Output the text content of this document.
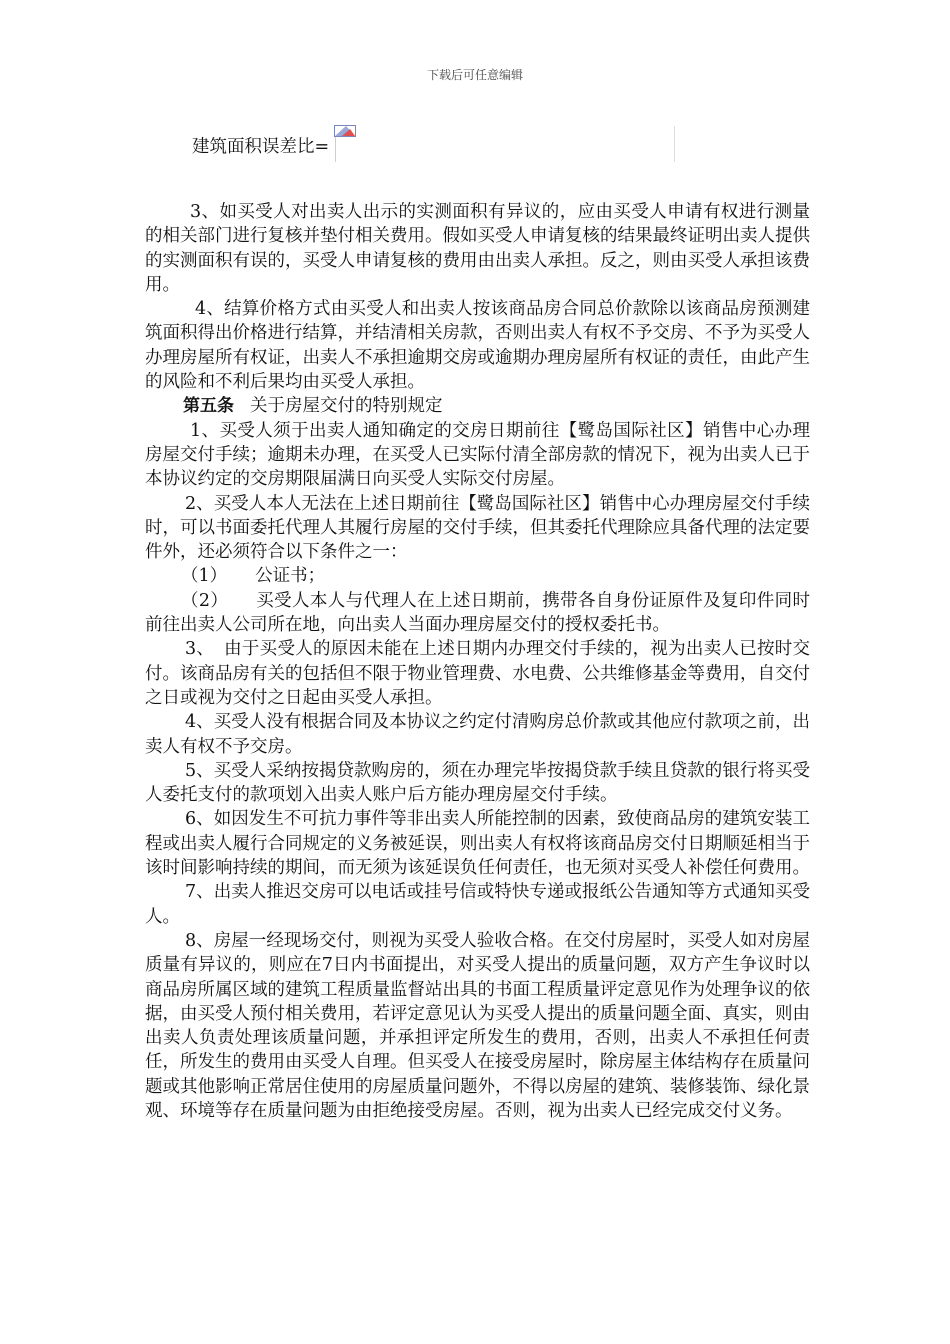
下载后可任意编辑
建筑面积误差比=

3、如买受人对出卖人出示的实测面积有异议的，应由买受人申请有权进行测量的相关部门进行复核并垫付相关费用。假如买受人申请复核的结果最终证明出卖人提供的实测面积有误的，买受人申请复核的费用由出卖人承担。反之，则由买受人承担该费用。

4、结算价格方式由买受人和出卖人按该商品房合同总价款除以该商品房预测建筑面积得出价格进行结算，并结清相关房款，否则出卖人有权不予交房、不予为买受人办理房屋所有权证，出卖人不承担逾期交房或逾期办理房屋所有权证的责任，由此产生的风险和不利后果均由买受人承担。

第五条 关于房屋交付的特别规定

1、买受人须于出卖人通知确定的交房日期前往【鹭岛国际社区】销售中心办理房屋交付手续；逾期未办理，在买受人已实际付清全部房款的情况下，视为出卖人已于本协议约定的交房期限届满日向买受人实际交付房屋。

2、买受人本人无法在上述日期前往【鹭岛国际社区】销售中心办理房屋交付手续时，可以书面委托代理人其履行房屋的交付手续，但其委托代理除应具备代理的法定要件外，还必须符合以下条件之一：

（1） 公证书；

（2） 买受人本人与代理人在上述日期前，携带各自身份证原件及复印件同时前往出卖人公司所在地，向出卖人当面办理房屋交付的授权委托书。

3、 由于买受人的原因未能在上述日期内办理交付手续的，视为出卖人已按时交付。该商品房有关的包括但不限于物业管理费、水电费、公共维修基金等费用，自交付之日或视为交付之日起由买受人承担。

4、买受人没有根据合同及本协议之约定付清购房总价款或其他应付款项之前，出卖人有权不予交房。

5、买受人采纳按揭贷款购房的，须在办理完毕按揭贷款手续且贷款的银行将买受人委托支付的款项划入出卖人账户后方能办理房屋交付手续。

6、如因发生不可抗力事件等非出卖人所能控制的因素，致使商品房的建筑安装工程或出卖人履行合同规定的义务被延误，则出卖人有权将该商品房交付日期顺延相当于该时间影响持续的期间，而无须为该延误负任何责任，也无须对买受人补偿任何费用。

7、出卖人推迟交房可以电话或挂号信或特快专递或报纸公告通知等方式通知买受人。

8、房屋一经现场交付，则视为买受人验收合格。在交付房屋时，买受人如对房屋质量有异议的，则应在7日内书面提出，对买受人提出的质量问题，双方产生争议时以商品房所属区域的建筑工程质量监督站出具的书面工程质量评定意见作为处理争议的依据，由买受人预付相关费用，若评定意见认为买受人提出的质量问题全面、真实，则由出卖人负责处理该质量问题，并承担评定所发生的费用，否则，出卖人不承担任何责任，所发生的费用由买受人自理。但买受人在接受房屋时，除房屋主体结构存在质量问题或其他影响正常居住使用的房屋质量问题外，不得以房屋的建筑、装修装饰、绿化景观、环境等存在质量问题为由拒绝接受房屋。否则，视为出卖人已经完成交付义务。
